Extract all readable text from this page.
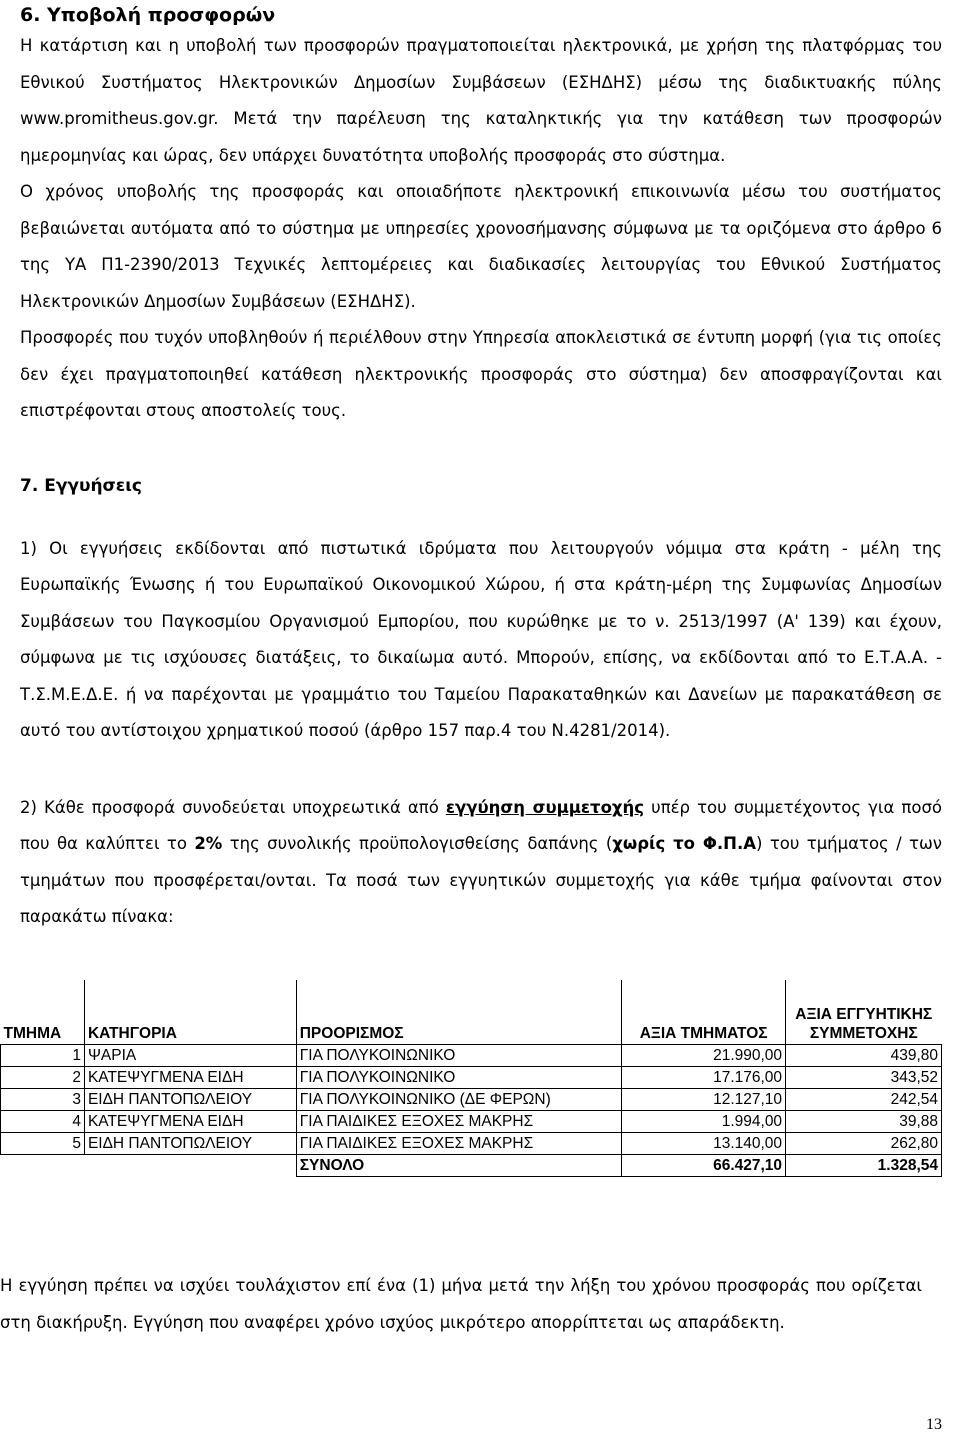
6. Υποβολή προσφορών

Η κατάρτιση και η υποβολή των προσφορών πραγματοποιείται ηλεκτρονικά, με χρήση της πλατφόρμας του Εθνικού Συστήματος Ηλεκτρονικών Δημοσίων Συμβάσεων (ΕΣΗΔΗΣ) μέσω της διαδικτυακής πύλης www.promitheus.gov.gr. Μετά την παρέλευση της καταληκτικής για την κατάθεση των προσφορών ημερομηνίας και ώρας, δεν υπάρχει δυνατότητα υποβολής προσφοράς στο σύστημα.

Ο χρόνος υποβολής της προσφοράς και οποιαδήποτε ηλεκτρονική επικοινωνία μέσω του συστήματος βεβαιώνεται αυτόματα από το σύστημα με υπηρεσίες χρονοσήμανσης σύμφωνα με τα οριζόμενα στο άρθρο 6 της ΥΑ Π1-2390/2013 Τεχνικές λεπτομέρειες και διαδικασίες λειτουργίας του Εθνικού Συστήματος Ηλεκτρονικών Δημοσίων Συμβάσεων (ΕΣΗΔΗΣ).

Προσφορές που τυχόν υποβληθούν ή περιέλθουν στην Υπηρεσία αποκλειστικά σε έντυπη μορφή (για τις οποίες δεν έχει πραγματοποιηθεί κατάθεση ηλεκτρονικής προσφοράς στο σύστημα) δεν αποσφραγίζονται και επιστρέφονται στους αποστολείς τους.

7. Εγγυήσεις

1) Οι εγγυήσεις εκδίδονται από πιστωτικά ιδρύματα που λειτουργούν νόμιμα στα κράτη - μέλη της Ευρωπαϊκής Ένωσης ή του Ευρωπαϊκού Οικονομικού Χώρου, ή στα κράτη-μέρη της Συμφωνίας Δημοσίων Συμβάσεων του Παγκοσμίου Οργανισμού Εμπορίου, που κυρώθηκε με το ν. 2513/1997 (Α' 139) και έχουν, σύμφωνα με τις ισχύουσες διατάξεις, το δικαίωμα αυτό. Μπορούν, επίσης, να εκδίδονται από το Ε.Τ.Α.Α. - Τ.Σ.Μ.Ε.Δ.Ε. ή να παρέχονται με γραμμάτιο του Ταμείου Παρακαταθηκών και Δανείων με παρακατάθεση σε αυτό του αντίστοιχου χρηματικού ποσού (άρθρο 157 παρ.4 του Ν.4281/2014).

2) Κάθε προσφορά συνοδεύεται υποχρεωτικά από εγγύηση συμμετοχής υπέρ του συμμετέχοντος για ποσό που θα καλύπτει το 2% της συνολικής προϋπολογισθείσης δαπάνης (χωρίς το Φ.Π.Α) του τμήματος / των τμημάτων που προσφέρεται/ονται. Τα ποσά των εγγυητικών συμμετοχής για κάθε τμήμα φαίνονται στον παρακάτω πίνακα:

ΤΜΗΜΑ	ΚΑΤΗΓΟΡΙΑ	ΠΡΟΟΡΙΣΜΟΣ	ΑΞΙΑ ΤΜΗΜΑΤΟΣ	ΑΞΙΑ ΕΓΓΥΗΤΙΚΗΣ ΣΥΜΜΕΤΟΧΗΣ
1	ΨΑΡΙΑ	ΓΙΑ ΠΟΛΥΚΟΙΝΩΝΙΚΟ	21.990,00	439,80
2	ΚΑΤΕΨΥΓΜΕΝΑ ΕΙΔΗ	ΓΙΑ ΠΟΛΥΚΟΙΝΩΝΙΚΟ	17.176,00	343,52
3	ΕΙΔΗ ΠΑΝΤΟΠΩΛΕΙΟΥ	ΓΙΑ ΠΟΛΥΚΟΙΝΩΝΙΚΟ (ΔΕ ΦΕΡΩΝ)	12.127,10	242,54
4	ΚΑΤΕΨΥΓΜΕΝΑ ΕΙΔΗ	ΓΙΑ ΠΑΙΔΙΚΕΣ ΕΞΟΧΕΣ ΜΑΚΡΗΣ	1.994,00	39,88
5	ΕΙΔΗ ΠΑΝΤΟΠΩΛΕΙΟΥ	ΓΙΑ ΠΑΙΔΙΚΕΣ ΕΞΟΧΕΣ ΜΑΚΡΗΣ	13.140,00	262,80
		ΣΥΝΟΛΟ	66.427,10	1.328,54

Η εγγύηση πρέπει να ισχύει τουλάχιστον επί ένα (1) μήνα μετά την λήξη του χρόνου προσφοράς που ορίζεται στη διακήρυξη. Εγγύηση που αναφέρει χρόνο ισχύος μικρότερο απορρίπτεται ως απαράδεκτη.

13
